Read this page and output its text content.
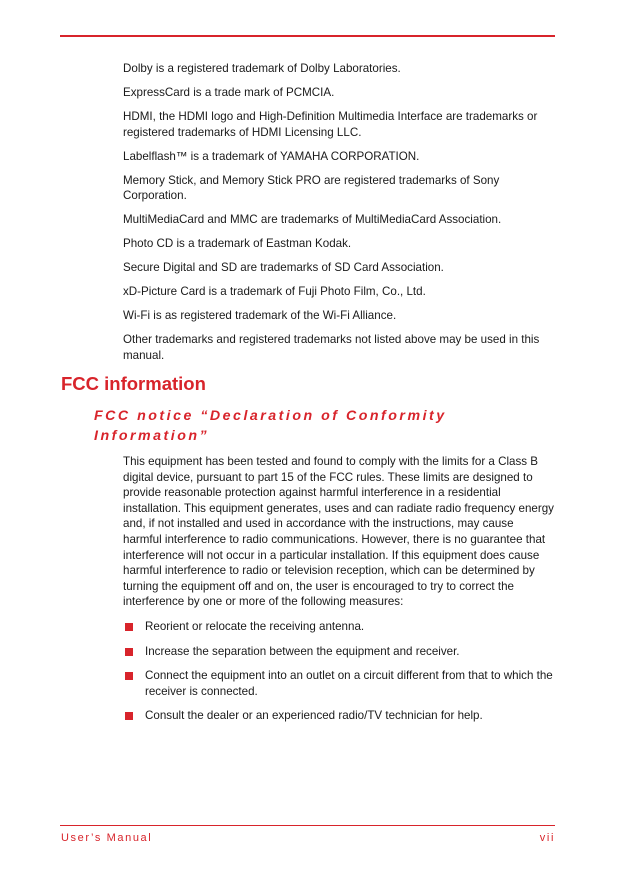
Dolby is a registered trademark of Dolby Laboratories.

ExpressCard is a trade mark of PCMCIA.

HDMI, the HDMI logo and High-Definition Multimedia Interface are trademarks or registered trademarks of HDMI Licensing LLC.

Labelflash™ is a trademark of YAMAHA CORPORATION.

Memory Stick, and Memory Stick PRO are registered trademarks of Sony Corporation.

MultiMediaCard and MMC are trademarks of MultiMediaCard Association.

Photo CD is a trademark of Eastman Kodak.

Secure Digital and SD are trademarks of SD Card Association.

xD-Picture Card is a trademark of Fuji Photo Film, Co., Ltd.

Wi-Fi is as registered trademark of the Wi-Fi Alliance.

Other trademarks and registered trademarks not listed above may be used in this manual.

FCC information
FCC notice “Declaration of Conformity Information”

This equipment has been tested and found to comply with the limits for a Class B digital device, pursuant to part 15 of the FCC rules. These limits are designed to provide reasonable protection against harmful interference in a residential installation. This equipment generates, uses and can radiate radio frequency energy and, if not installed and used in accordance with the instructions, may cause harmful interference to radio communications. However, there is no guarantee that interference will not occur in a particular installation. If this equipment does cause harmful interference to radio or television reception, which can be determined by turning the equipment off and on, the user is encouraged to try to correct the interference by one or more of the following measures:

Reorient or relocate the receiving antenna.
Increase the separation between the equipment and receiver.
Connect the equipment into an outlet on a circuit different from that to which the receiver is connected.
Consult the dealer or an experienced radio/TV technician for help.
User’s Manual	vii
